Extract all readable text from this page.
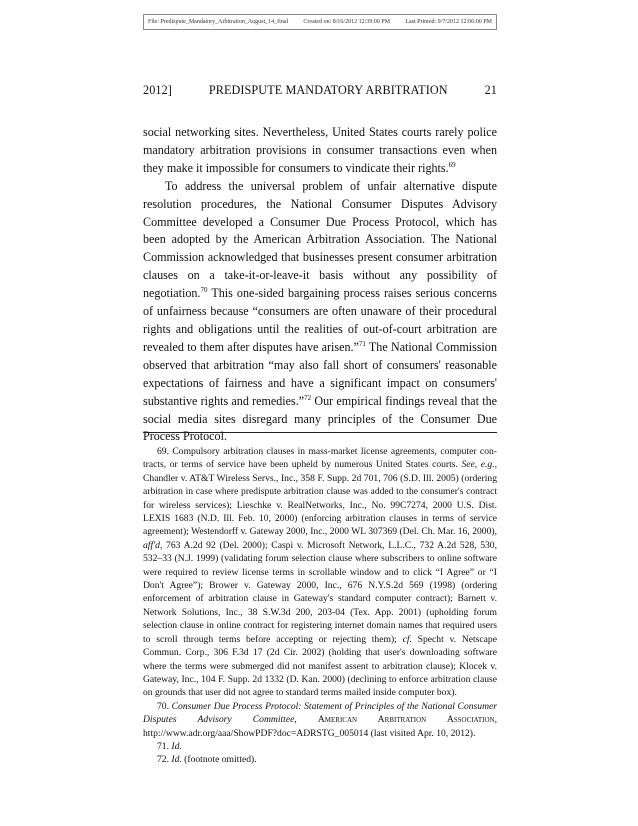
File: Predispute_Mandatory_Arbitration_August_14_final	Created on: 8/16/2012 12:39:00 PM	Last Printed: 9/7/2012 12:06:00 PM
2012]	PREDISPUTE MANDATORY ARBITRATION	21

social networking sites. Nevertheless, United States courts rarely police mandatory arbitration provisions in consumer transactions even when they make it impossible for consumers to vindicate their rights.$^{69}$

To address the universal problem of unfair alternative dispute resolution procedures, the National Consumer Disputes Advisory Committee developed a Consumer Due Process Protocol, which has been adopted by the American Arbitration Association. The National Commission acknowledged that businesses present consumer arbitration clauses on a take-it-or-leave-it basis without any possibility of negotiation.$^{70}$ This one-sided bargaining process raises serious concerns of unfairness because “consumers are often unaware of their procedural rights and obligations until the realities of out-of-court arbitration are revealed to them after disputes have arisen.”$^{71}$ The National Commission observed that arbitration “may also fall short of consumers' reasonable expectations of fairness and have a significant impact on consumers' substantive rights and remedies.”$^{72}$ Our empirical findings reveal that the social media sites disregard many principles of the Consumer Due Process Protocol.

69. Compulsory arbitration clauses in mass-market license agreements, computer contracts, or terms of service have been upheld by numerous United States courts. See, e.g., Chandler v. AT&T Wireless Servs., Inc., 358 F. Supp. 2d 701, 706 (S.D. Ill. 2005) (ordering arbitration in case where predispute arbitration clause was added to the consumer's contract for wireless services); Lieschke v. RealNetworks, Inc., No. 99C7274, 2000 U.S. Dist. LEXIS 1683 (N.D. Ill. Feb. 10, 2000) (enforcing arbitration clauses in terms of service agreement); Westendorff v. Gateway 2000, Inc., 2000 WL 307369 (Del. Ch. Mar. 16, 2000), aff'd, 763 A.2d 92 (Del. 2000); Caspi v. Microsoft Network, L.L.C., 732 A.2d 528, 530, 532–33 (N.J. 1999) (validating forum selection clause where subscribers to online software were required to review license terms in scrollable window and to click “I Agree” or “I Don't Agree”); Brower v. Gateway 2000, Inc., 676 N.Y.S.2d 569 (1998) (ordering enforcement of arbitration clause in Gateway's standard computer contract); Barnett v. Network Solutions, Inc., 38 S.W.3d 200, 203-04 (Tex. App. 2001) (upholding forum selection clause in online contract for registering internet domain names that required users to scroll through terms before accepting or rejecting them); cf. Specht v. Netscape Commun. Corp., 306 F.3d 17 (2d Cir. 2002) (holding that user's downloading software where the terms were submerged did not manifest assent to arbitration clause); Klocek v. Gateway, Inc., 104 F. Supp. 2d 1332 (D. Kan. 2000) (declining to enforce arbitration clause on grounds that user did not agree to standard terms mailed inside computer box).

70. Consumer Due Process Protocol: Statement of Principles of the National Consumer Disputes Advisory Committee, American Arbitration Association, http://www.adr.org/aaa/ShowPDF?doc=ADRSTG_005014 (last visited Apr. 10, 2012).

71. Id.

72. Id. (footnote omitted).
